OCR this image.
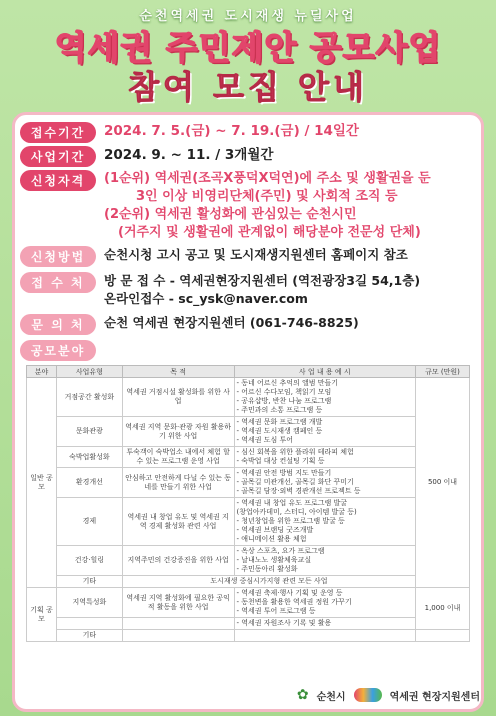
순천역세권 도시재생 뉴딜사업
역세권 주민제안 공모사업
참여 모집 안내
접수기간	2024. 7. 5.(금) ~ 7. 19.(금) / 14일간
사업기간	2024. 9. ~ 11. / 3개월간
신청자격	(1순위) 역세권(조곡X풍덕X덕연)에 주소 및 생활권을 둔
3인 이상 비영리단체(주민) 및 사회적 조직 등
(2순위) 역세권 활성화에 관심있는 순천시민
(거주지 및 생활권에 관계없이 해당분야 전문성 단체)
신청방법	순천시청 고시 공고 및 도시재생지원센터 홈페이지 참조
접 수 처	방 문 접 수 - 역세권현장지원센터 (역전광장3길 54,1층)
온라인접수 - sc_ysk@naver.com
문 의 처	순천 역세권 현장지원센터 (061-746-8825)
공모분야
분야	사업유형	목 적	사 업 내 용 예 시	규모 (만원)
일반 공모	거점공간 활성화	역세권 거점시설 활성화를 위한 사업	- 동네 어르신 추억의 앨범 만들기
- 어르신 수다모임, 책읽기 모임
- 공유샵방, 반찬 나눔 프로그램
- 주민과의 소통 프로그램 등	500 이내
	문화관광	역세권 지역 문화·관광 자원 활용하기 위한 사업	- 역세권 문화 프로그램 개발
- 역세권 도시재생 캠페인 등
- 역세권 도심 투어	

	숙박업활성화	투숙객이 숙박업소 내에서 체험 할 수 있는 프로그램 운영 사업	- 심신 회복을 위한 플라워 테라피 체험
- 숙박업 대상 컨설팅 기획 등	

	환경개선	안심하고 안전하게 다닐 수 있는 동네를 만들기 위한 사업	- 역세권 안전 방범 지도 만들기
- 골목길 미관개선, 골목길 화단 꾸미기
- 골목길 담장·외벽 경관개선 프로젝트 등	

	경제	역세권 내 창업 유도 및 역세권 지역 경제 활성화 관련 사업	- 역세권 내 창업 유도 프로그램 발굴
(창업아카데미, 스터디, 아이템 발굴 등)
- 청년창업을 위한 프로그램 발굴 등
- 역세권 브랜딩 굿즈개발
- 애니메이션 활용 체험	

	건강·힐링	지역주민의 건강증진을 위한 사업	- 옥상 스포츠, 요가 프로그램
- 날내노노 생활체육교실
- 주민동아리 활성화	

	기타	도시재생 중심시가지형 관련 모든 사업		
기획 공모	지역특성화	역세권 지역 활성화에 필요한 공익적 활동을 위한 사업	- 역세권 축제·행사 기획 및 운영 등
- 동천변을 활용한 역세권 정원 가꾸기
- 역세권 투어 프로그램 등	1,000 이내
			- 역세권 자원조사 기록 및 활용	
	기타			
✿ 순천시	역세권 현장지원센터
